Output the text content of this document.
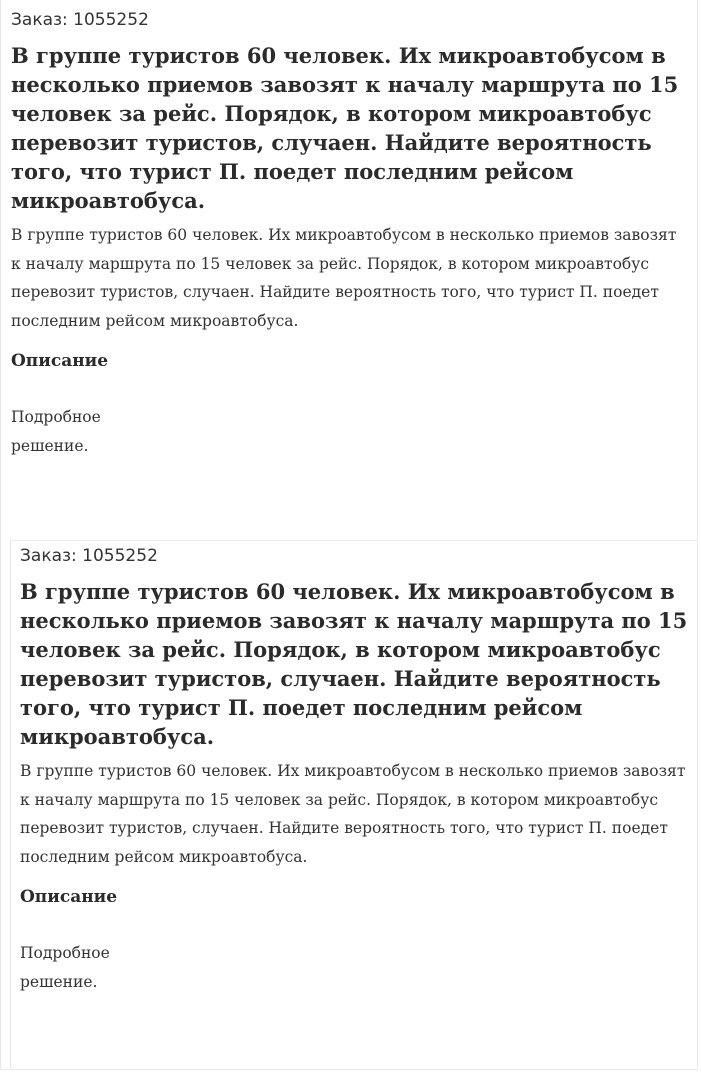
Заказ: 1055252
В группе туристов 60 человек. Их микроавтобусом в несколько приемов завозят к началу маршрута по 15 человек за рейс. Порядок, в котором микроавтобус перевозит туристов, случаен. Найдите вероятность того, что турист П. поедет последним рейсом микроавтобуса.
В группе туристов 60 человек. Их микроавтобусом в несколько приемов завозят к началу маршрута по 15 человек за рейс. Порядок, в котором микроавтобус перевозит туристов, случаен. Найдите вероятность того, что турист П. поедет последним рейсом микроавтобуса.
Описание
Подробное решение.
Заказ: 1055252
В группе туристов 60 человек. Их микроавтобусом в несколько приемов завозят к началу маршрута по 15 человек за рейс. Порядок, в котором микроавтобус перевозит туристов, случаен. Найдите вероятность того, что турист П. поедет последним рейсом микроавтобуса.
В группе туристов 60 человек. Их микроавтобусом в несколько приемов завозят к началу маршрута по 15 человек за рейс. Порядок, в котором микроавтобус перевозит туристов, случаен. Найдите вероятность того, что турист П. поедет последним рейсом микроавтобуса.
Описание
Подробное решение.
